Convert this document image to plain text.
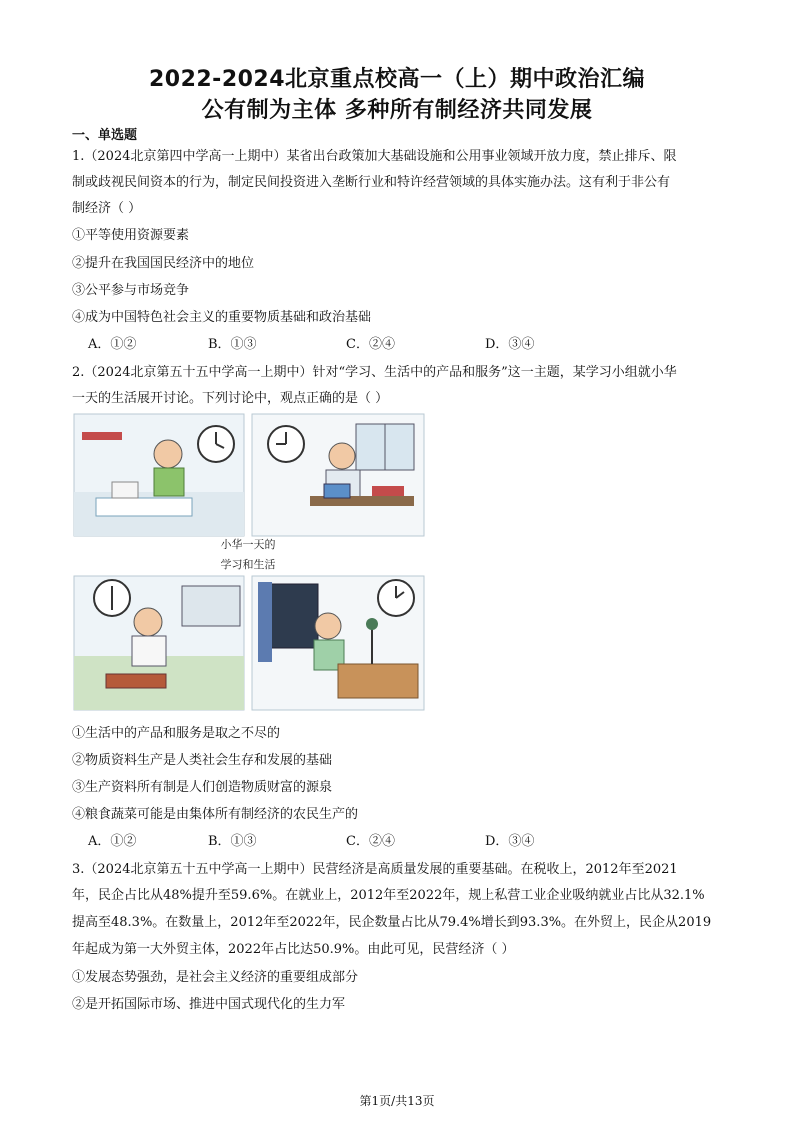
2022-2024北京重点校高一（上）期中政治汇编
公有制为主体 多种所有制经济共同发展
一、单选题
1.（2024北京第四中学高一上期中）某省出台政策加大基础设施和公用事业领域开放力度，禁止排斥、限
制或歧视民间资本的行为，制定民间投资进入垄断行业和特许经营领域的具体实施办法。这有利于非公有
制经济（ ）
①平等使用资源要素
②提升在我国国民经济中的地位
③公平参与市场竞争
④成为中国特色社会主义的重要物质基础和政治基础
A．①②	B．①③	C．②④	D．③④
2.（2024北京第五十五中学高一上期中）针对“学习、生活中的产品和服务”这一主题，某学习小组就小华
一天的生活展开讨论。下列讨论中，观点正确的是（ ）
小华一天的
学习和生活
①生活中的产品和服务是取之不尽的
②物质资料生产是人类社会生存和发展的基础
③生产资料所有制是人们创造物质财富的源泉
④粮食蔬菜可能是由集体所有制经济的农民生产的
A．①②	B．①③	C．②④	D．③④
3.（2024北京第五十五中学高一上期中）民营经济是高质量发展的重要基础。在税收上，2012年至2021
年，民企占比从48%提升至59.6%。在就业上，2012年至2022年，规上私营工业企业吸纳就业占比从32.1%
提高至48.3%。在数量上，2012年至2022年，民企数量占比从79.4%增长到93.3%。在外贸上，民企从2019
年起成为第一大外贸主体，2022年占比达50.9%。由此可见，民营经济（ ）
①发展态势强劲，是社会主义经济的重要组成部分
②是开拓国际市场、推进中国式现代化的生力军
第1页/共13页
